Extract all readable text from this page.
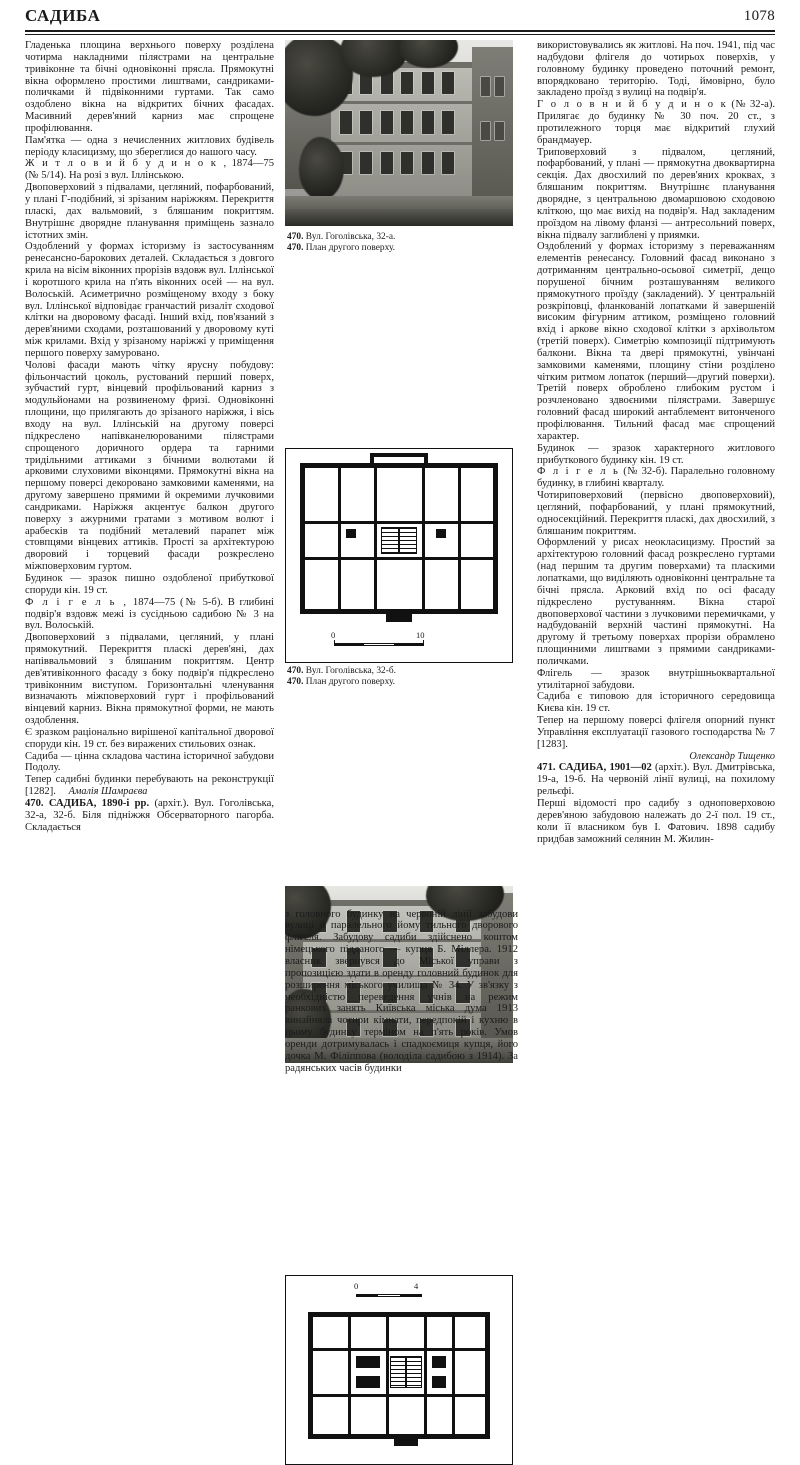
САДИБА	1078

Гладенька площина верхнього поверху розділена чотирма накладними пілястрами на центральне тривіконне та бічні одновіконні прясла. Прямокутні вікна оформлено простими лиштвами, сандриками-поличками й підвіконними гуртами. Так само оздоблено вікна на відкритих бічних фасадах. Масивний дерев'яний карниз має спрощене профілювання.

Пам'ятка — одна з нечисленних житлових будівель періоду класицизму, що збереглися до нашого часу.

Ж и т л о в и й б у д и н о к , 1874—75 (№ 5/14). На розі з вул. Іллінською.

Двоповерховий з підвалами, цегляний, пофарбований, у плані Г-подібний, зі зрізаним наріжжям. Перекриття пласкі, дах вальмовий, з бляшаним покриттям. Внутрішнє дворядне планування приміщень зазнало істотних змін.

Оздоблений у формах історизму із застосуванням ренесансно-барокових деталей. Складається з довгого крила на вісім віконних прорізів вздовж вул. Іллінської і коротшого крила на п'ять віконних осей — на вул. Волоській. Асиметрично розміщеному входу з боку вул. Іллінської відповідає гранчастий ризаліт сходової клітки на дворовому фасаді. Інший вхід, пов'язаний з дерев'яними сходами, розташований у дворовому куті між крилами. Вхід у зрізаному наріжжі у приміщення першого поверху замуровано.

Чолові фасади мають чітку ярусну побудову: фільончастий цоколь, рустований перший поверх, зубчастий гурт, вінцевий профільований карниз з модульйонами на розвиненому фризі. Одновіконні площини, що прилягають до зрізаного наріжжя, і вісь входу на вул. Іллінській на другому поверсі підкреслено напівканелюрованими пілястрами спрощеного доричного ордера та гарними тридільними аттиками з бічними волютами й арковими слуховими віконцями. Прямокутні вікна на першому поверсі декоровано замковими каменями, на другому завершено прямими й окремими лучковими сандриками. Наріжжя акцентує балкон другого поверху з ажурними гратами з мотивом волют і арабесків та подібний металевий парапет між стовпцями вінцевих аттиків. Прості за архітектурою дворовий і торцевий фасади розкреслено міжповерховим гуртом.

Будинок — зразок пишно оздобленої прибуткової споруди кін. 19 ст.

Ф л і г е л ь , 1874—75 (№ 5-б). В глибині подвір'я вздовж межі із сусідньою садибою № 3 на вул. Волоській.

Двоповерховий з підвалами, цегляний, у плані прямокутний. Перекриття пласкі дерев'яні, дах напіввальмовий з бляшаним покриттям. Центр дев'ятивіконного фасаду з боку подвір'я підкреслено тривіконним виступом. Горизонтальні членування визначають міжповерховий гурт і профільований вінцевий карниз. Вікна прямокутної форми, не мають оздоблення.

Є зразком раціонально вирішеної капітальної дворової споруди кін. 19 ст. без виражених стильових ознак.

Садиба — цінна складова частина історичної забудови Подолу.

Тепер садибні будинки перебувають на реконструкції [1282]. Амалія Шамраєва

470. САДИБА, 1890-і рр. (архіт.). Вул. Гоголівська, 32-а, 32-б. Біля підніжжя Обсерваторного пагорба. Складається

470. Вул. Гоголівська, 32-а.
470. План другого поверху.
0	10
470. Вул. Гоголівська, 32-б.
470. План другого поверху.
0	4

з головного будинку на червоній лінії забудови вулиці й паралельного йому тильного дворового флігеля. Забудову садиби здійснено коштом німецького підданого — купця Б. Міллера. 1912 власник звернувся до Міської управи з пропозицією здати в оренду головний будинок для розширення міського училища № 34. У зв'язку з необхідністю переведення учнів на режим ранкових занять Київська міська дума 1913 винайняла чотири кімнати, передпокій і кухню в цьому будинку терміном на п'ять років. Умов оренди дотримувалась і спадкоємиця купця, його дочка М. Філіппова (володіла садибою з 1914). За радянських часів будинки

використовувались як житлові. На поч. 1941, під час надбудови флігеля до чотирьох поверхів, у головному будинку проведено поточний ремонт, впорядковано територію. Тоді, ймовірно, було закладено проїзд з вулиці на подвір'я.

Г о л о в н и й б у д и н о к (№ 32-а). Прилягає до будинку № 30 поч. 20 ст., з протилежного торця має відкритий глухий брандмауер.

Триповерховий з підвалом, цегляний, пофарбований, у плані — прямокутна двоквартирна секція. Дах двосхилий по дерев'яних кроквах, з бляшаним покриттям. Внутрішнє планування дворядне, з центральною двомаршовою сходовою кліткою, що має вихід на подвір'я. Над закладеним проїздом на лівому фланзі — антресольний поверх, вікна підвалу заглиблені у приямки.

Оздоблений у формах історизму з переважанням елементів ренесансу. Головний фасад виконано з дотриманням центрально-осьової симетрії, дещо порушеної бічним розташуванням великого прямокутного проїзду (закладений). У центральній розкріповці, фланкованій лопатками й завершеній високим фігурним аттиком, розміщено головний вхід і аркове вікно сходової клітки з архівольтом (третій поверх). Симетрію композиції підтримують балкони. Вікна та двері прямокутні, увінчані замковими каменями, площину стіни розділено чітким ритмом лопаток (перший—другий поверхи). Третій поверх оброблено глибоким рустом і розчленовано здвоєними пілястрами. Завершує головний фасад широкий антаблемент витонченого профілювання. Тильний фасад має спрощений характер.

Будинок — зразок характерного житлового прибуткового будинку кін. 19 ст.

Ф л і г е л ь (№ 32-б). Паралельно головному будинку, в глибині кварталу.

Чотириповерховий (первісно двоповерховий), цегляний, пофарбований, у плані прямокутний, односекційний. Перекриття пласкі, дах двосхилий, з бляшаним покриттям.

Оформлений у рисах неокласицизму. Простий за архітектурою головний фасад розкреслено гуртами (над першим та другим поверхами) та пласкими лопатками, що виділяють одновіконні центральне та бічні прясла. Арковий вхід по осі фасаду підкреслено рустуванням. Вікна старої двоповерхової частини з лучковими перемичками, у надбудованій верхній частині прямокутні. На другому й третьому поверхах прорізи обрамлено площинними лиштвами з прямими сандриками-поличками.

Флігель — зразок внутрішньоквартальної утилітарної забудови.

Садиба є типовою для історичного середовища Києва кін. 19 ст.

Тепер на першому поверсі флігеля опорний пункт Управління експлуатації газового господарства № 7 [1283].

Олександр Тищенко

471. САДИБА, 1901—02 (архіт.). Вул. Дмитрівська, 19-а, 19-б. На червоній лінії вулиці, на похилому рельєфі.

Перші відомості про садибу з одноповерховою дерев'яною забудовою належать до 2-ї пол. 19 ст., коли її власником був І. Фатович. 1898 садибу придбав заможний селянин М. Жилин-
